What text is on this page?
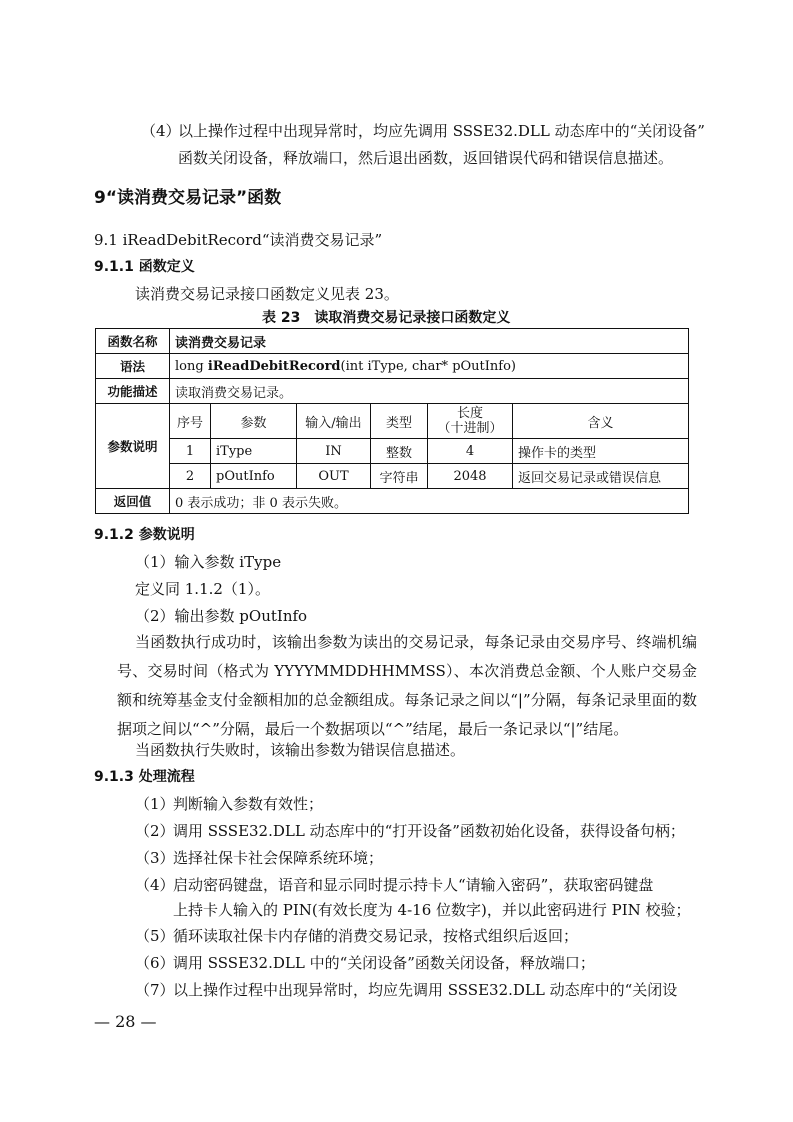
（4）
以上操作过程中出现异常时，均应先调用 SSSE32.DLL 动态库中的“关闭设备”
函数关闭设备，释放端口，然后退出函数，返回错误代码和错误信息描述。
9“读消费交易记录”函数
9.1 iReadDebitRecord“读消费交易记录”
9.1.1 函数定义
读消费交易记录接口函数定义见表 23。
表 23　读取消费交易记录接口函数定义
函数名称	读消费交易记录					
语法	long iReadDebitRecord(int iType, char* pOutInfo)					
功能描述	读取消费交易记录。					
参数说明	序号	参数	输入/输出	类型	长度
（十进制）	含义
	1	iType	IN	整数	4	操作卡的类型
	2	pOutInfo	OUT	字符串	2048	返回交易记录或错误信息
返回值	0 表示成功；非 0 表示失败。					
9.1.2 参数说明
（1）输入参数 iType
定义同 1.1.2（1）。
（2）输出参数 pOutInfo
当函数执行成功时，该输出参数为读出的交易记录，每条记录由交易序号、终端机编号、交易时间（格式为 YYYYMMDDHHMMSS）、本次消费总金额、个人账户交易金额和统筹基金支付金额相加的总金额组成。每条记录之间以“|”分隔，每条记录里面的数据项之间以“^”分隔，最后一个数据项以“^”结尾，最后一条记录以“|”结尾。
当函数执行失败时，该输出参数为错误信息描述。
9.1.3 处理流程
（1）
判断输入参数有效性；
（2）
调用 SSSE32.DLL 动态库中的“打开设备”函数初始化设备，获得设备句柄；
（3）
选择社保卡社会保障系统环境；
（4）
启动密码键盘，语音和显示同时提示持卡人“请输入密码”，获取密码键盘
上持卡人输入的 PIN(有效长度为 4-16 位数字)，并以此密码进行 PIN 校验；
（5）
循环读取社保卡内存储的消费交易记录，按格式组织后返回；
（6）
调用 SSSE32.DLL 中的“关闭设备”函数关闭设备，释放端口；
（7）
以上操作过程中出现异常时，均应先调用 SSSE32.DLL 动态库中的“关闭设
— 28 —
